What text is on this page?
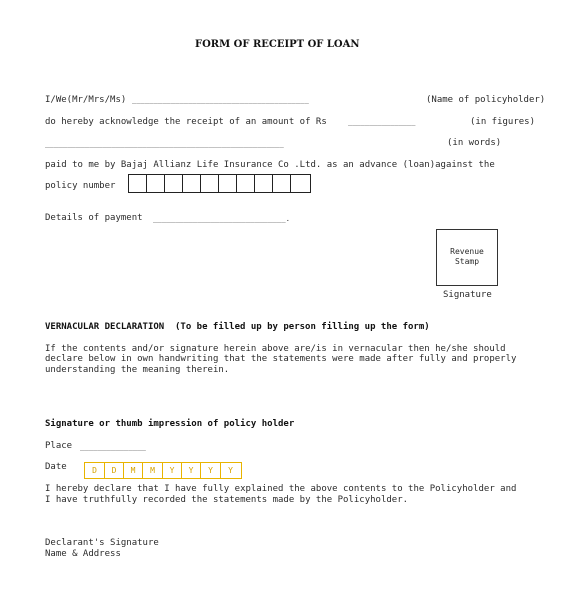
FORM OF RECEIPT OF LOAN
I/We(Mr/Mrs/Ms) _________________________________________	(Name of policyholder)
do hereby acknowledge the receipt of an amount of Rs	________________	(in figures)
______________________________________________________	(in words)
paid to me by Bajaj Allianz Life Insurance Co .Ltd. as an advance (loan)against the
policy number
Details of payment ______________________________.
Revenue
Stamp
Signature
VERNACULAR DECLARATION (To be filled up by person filling up the form)
If the contents and/or signature herein above are/is in vernacular then he/she should
declare below in own handwriting that the statements were made after fully and properly
understanding the meaning therein.
Signature or thumb impression of policy holder
Place _______________
Date	D	D	M	M	Y	Y	Y	Y
I hereby declare that I have fully explained the above contents to the Policyholder and
I have truthfully recorded the statements made by the Policyholder.
Declarant's Signature
Name & Address
